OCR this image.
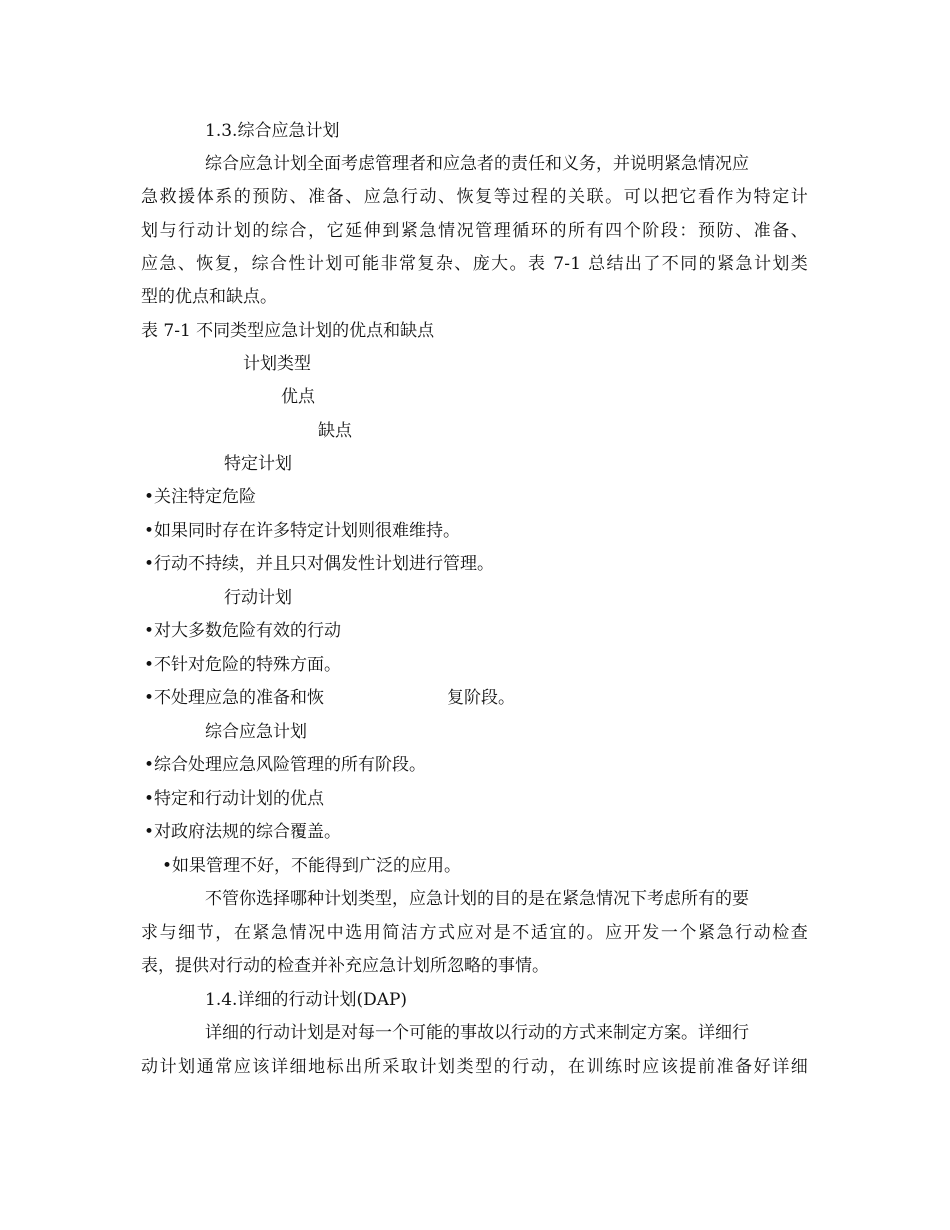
1.3.综合应急计划
综合应急计划全面考虑管理者和应急者的责任和义务，并说明紧急情况应
急救援体系的预防、准备、应急行动、恢复等过程的关联。可以把它看作为特定计
划与行动计划的综合，它延伸到紧急情况管理循环的所有四个阶段：预防、准备、
应急、恢复，综合性计划可能非常复杂、庞大。表 7-1 总结出了不同的紧急计划类
型的优点和缺点。
表 7-1 不同类型应急计划的优点和缺点
计划类型
优点
缺点
特定计划
•关注特定危险
•如果同时存在许多特定计划则很难维持。
•行动不持续，并且只对偶发性计划进行管理。
行动计划
•对大多数危险有效的行动
•不针对危险的特殊方面。
•不处理应急的准备和恢	复阶段。
综合应急计划
•综合处理应急风险管理的所有阶段。
•特定和行动计划的优点
•对政府法规的综合覆盖。
•如果管理不好，不能得到广泛的应用。
不管你选择哪种计划类型，应急计划的目的是在紧急情况下考虑所有的要
求与细节，在紧急情况中选用简洁方式应对是不适宜的。应开发一个紧急行动检查
表，提供对行动的检查并补充应急计划所忽略的事情。
1.4.详细的行动计划(DAP)
详细的行动计划是对每一个可能的事故以行动的方式来制定方案。详细行
动计划通常应该详细地标出所采取计划类型的行动，在训练时应该提前准备好详细
